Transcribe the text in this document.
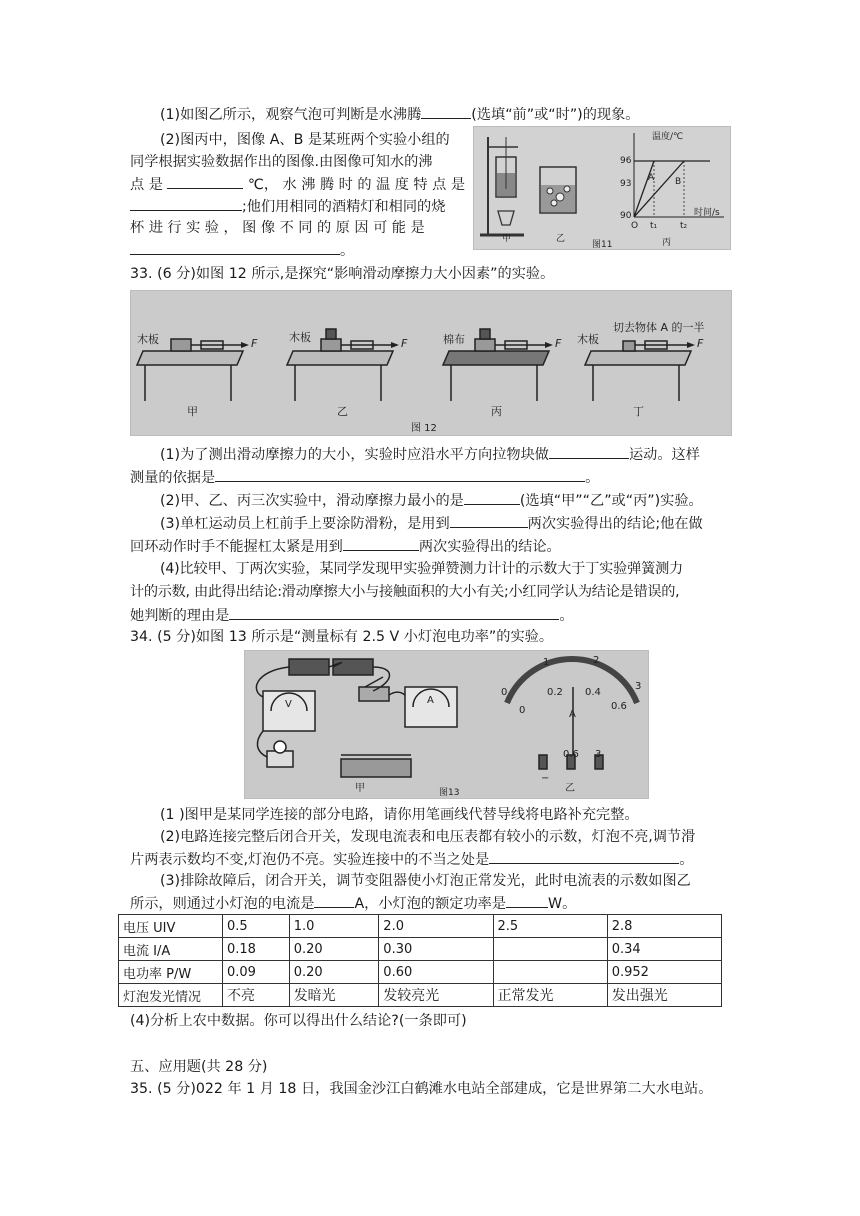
(1)如图乙所示，观察气泡可判断是水沸腾	(选填“前”或“时”)的现象。
(2)图丙中，图像 A、B 是某班两个实验小组的
同学根据实验数据作出的图像.由图像可知水的沸
点 是	℃， 水 沸 腾 时 的 温 度 特 点 是
;他们用相同的酒精灯和相同的烧
杯 进 行 实 验 ， 图 像 不 同 的 原 因 可 能 是
。
温度/℃
时间/s
96
93
90
O t₁	t₂
A B
甲	乙	丙
图11
33. (6 分)如图 12 所示,是探究“影响滑动摩擦力大小因素”的实验。
木板	木板	棉布	木板
切去物体 A 的一半
F	F	F	F
甲	乙	丙	丁
图 12
(1)为了测出滑动摩擦力的大小，实验时应沿水平方向拉物块做	运动。这样
测量的依据是	。
(2)甲、乙、丙三次实验中，滑动摩擦力最小的是	(选填“甲”“乙”或“丙”)实验。
(3)单杠运动员上杠前手上要涂防滑粉，是用到	两次实验得出的结论;他在做
回环动作时手不能握杠太紧是用到	两次实验得出的结论。
(4)比较甲、丁两次实验，某同学发现甲实验弹赞测力计计的示数大于丁实验弹簧测力
计的示数, 由此得出结论:滑动摩擦大小与接触面积的大小有关;小红同学认为结论是错误的,
她判断的理由是	。
34. (5 分)如图 13 所示是“测量标有 2.5 V 小灯泡电功率”的实验。
V	A
0
1	2
3
0
0.2 0.4
0.6
A
−
0.6 3
甲	乙
图13
(1 )图甲是某同学连接的部分电路，请你用笔画线代替导线将电路补充完整。
(2)电路连接完整后闭合开关，发现电流表和电压表都有较小的示数，灯泡不亮,调节滑
片两表示数均不变,灯泡仍不亮。实验连接中的不当之处是	。
(3)排除故障后，闭合开关，调节变阻器使小灯泡正常发光，此时电流表的示数如图乙
所示，则通过小灯泡的电流是	A，小灯泡的额定功率是	W。
电压 UIV	0.5	1.0	2.0	2.5	2.8
电流 I/A	0.18	0.20	0.30		0.34
电功率 P/W	0.09	0.20	0.60		0.952
灯泡发光情况	不亮	发暗光	发较亮光	正常发光	发出强光
(4)分析上农中数据。你可以得出什么结论?(一条即可)
五、应用题(共 28 分)
35. (5 分)022 年 1 月 18 日，我国金沙江白鹤滩水电站全部建成，它是世界第二大水电站。
